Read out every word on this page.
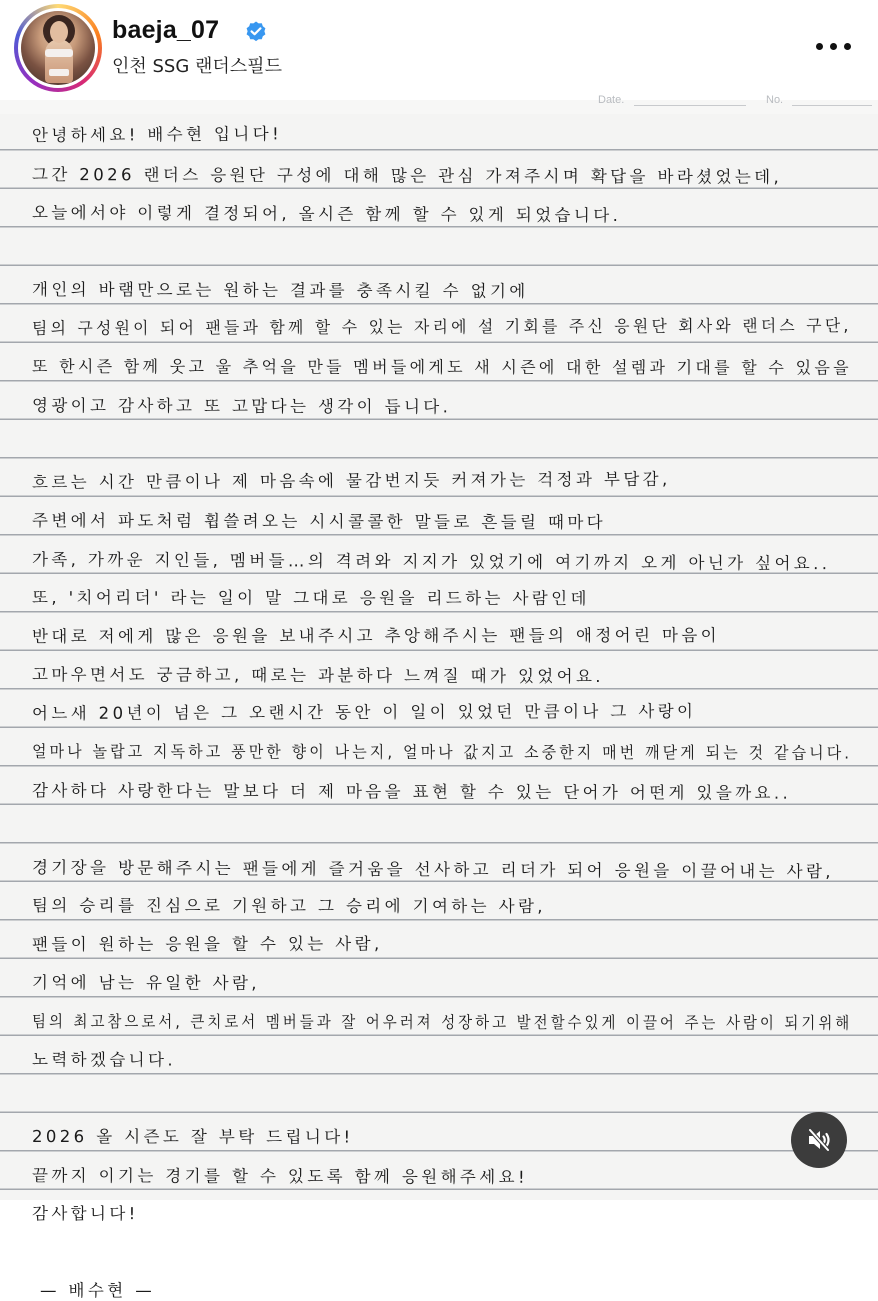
baeja_07
인천 SSG 랜더스필드
Date.	No.
안녕하세요! 배수현 입니다!
그간 2026 랜더스 응원단 구성에 대해 많은 관심 가져주시며 확답을 바라셨었는데,
오늘에서야 이렇게 결정되어, 올시즌 함께 할 수 있게 되었습니다.
개인의 바램만으로는 원하는 결과를 충족시킬 수 없기에
팀의 구성원이 되어 팬들과 함께 할 수 있는 자리에 설 기회를 주신 응원단 회사와 랜더스 구단,
또 한시즌 함께 웃고 울 추억을 만들 멤버들에게도 새 시즌에 대한 설렘과 기대를 할 수 있음을
영광이고 감사하고 또 고맙다는 생각이 듭니다.
흐르는 시간 만큼이나 제 마음속에 물감번지듯 커져가는 걱정과 부담감,
주변에서 파도처럼 휩쓸려오는 시시콜콜한 말들로 흔들릴 때마다
가족, 가까운 지인들, 멤버들…의 격려와 지지가 있었기에 여기까지 오게 아닌가 싶어요..
또, '치어리더' 라는 일이 말 그대로 응원을 리드하는 사람인데
반대로 저에게 많은 응원을 보내주시고 추앙해주시는 팬들의 애정어린 마음이
고마우면서도 궁금하고, 때로는 과분하다 느껴질 때가 있었어요.
어느새 20년이 넘은 그 오랜시간 동안 이 일이 있었던 만큼이나 그 사랑이
얼마나 놀랍고 지독하고 풍만한 향이 나는지, 얼마나 값지고 소중한지 매번 깨닫게 되는 것 같습니다.
감사하다 사랑한다는 말보다 더 제 마음을 표현 할 수 있는 단어가 어떤게 있을까요..
경기장을 방문해주시는 팬들에게 즐거움을 선사하고 리더가 되어 응원을 이끌어내는 사람,
팀의 승리를 진심으로 기원하고 그 승리에 기여하는 사람,
팬들이 원하는 응원을 할 수 있는 사람,
기억에 남는 유일한 사람,
팀의 최고참으로서, 큰치로서 멤버들과 잘 어우러져 성장하고 발전할수있게 이끌어 주는 사람이 되기위해
노력하겠습니다.
2026 올 시즌도 잘 부탁 드립니다!
끝까지 이기는 경기를 할 수 있도록 함께 응원해주세요!
감사합니다!
— 배수현 —
